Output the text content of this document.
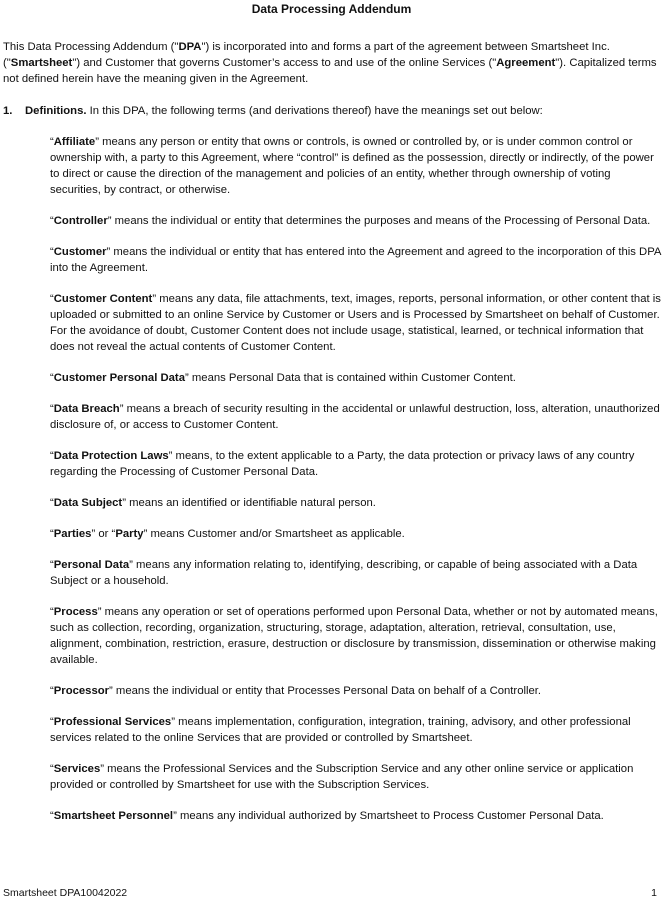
Data Processing Addendum

This Data Processing Addendum ("DPA") is incorporated into and forms a part of the agreement between Smartsheet Inc. ("Smartsheet") and Customer that governs Customer’s access to and use of the online Services ("Agreement"). Capitalized terms not defined herein have the meaning given in the Agreement.

1. Definitions. In this DPA, the following terms (and derivations thereof) have the meanings set out below:

“Affiliate” means any person or entity that owns or controls, is owned or controlled by, or is under common control or ownership with, a party to this Agreement, where “control” is defined as the possession, directly or indirectly, of the power to direct or cause the direction of the management and policies of an entity, whether through ownership of voting securities, by contract, or otherwise.
“Controller” means the individual or entity that determines the purposes and means of the Processing of Personal Data.
“Customer” means the individual or entity that has entered into the Agreement and agreed to the incorporation of this DPA into the Agreement.
“Customer Content” means any data, file attachments, text, images, reports, personal information, or other content that is uploaded or submitted to an online Service by Customer or Users and is Processed by Smartsheet on behalf of Customer. For the avoidance of doubt, Customer Content does not include usage, statistical, learned, or technical information that does not reveal the actual contents of Customer Content.
“Customer Personal Data” means Personal Data that is contained within Customer Content.
“Data Breach” means a breach of security resulting in the accidental or unlawful destruction, loss, alteration, unauthorized disclosure of, or access to Customer Content.
“Data Protection Laws” means, to the extent applicable to a Party, the data protection or privacy laws of any country regarding the Processing of Customer Personal Data.
“Data Subject” means an identified or identifiable natural person.
“Parties” or “Party” means Customer and/or Smartsheet as applicable.
“Personal Data” means any information relating to, identifying, describing, or capable of being associated with a Data Subject or a household.
“Process” means any operation or set of operations performed upon Personal Data, whether or not by automated means, such as collection, recording, organization, structuring, storage, adaptation, alteration, retrieval, consultation, use, alignment, combination, restriction, erasure, destruction or disclosure by transmission, dissemination or otherwise making available.
“Processor” means the individual or entity that Processes Personal Data on behalf of a Controller.
“Professional Services” means implementation, configuration, integration, training, advisory, and other professional services related to the online Services that are provided or controlled by Smartsheet.
“Services” means the Professional Services and the Subscription Service and any other online service or application provided or controlled by Smartsheet for use with the Subscription Services.
“Smartsheet Personnel” means any individual authorized by Smartsheet to Process Customer Personal Data.
Smartsheet DPA10042022	1
